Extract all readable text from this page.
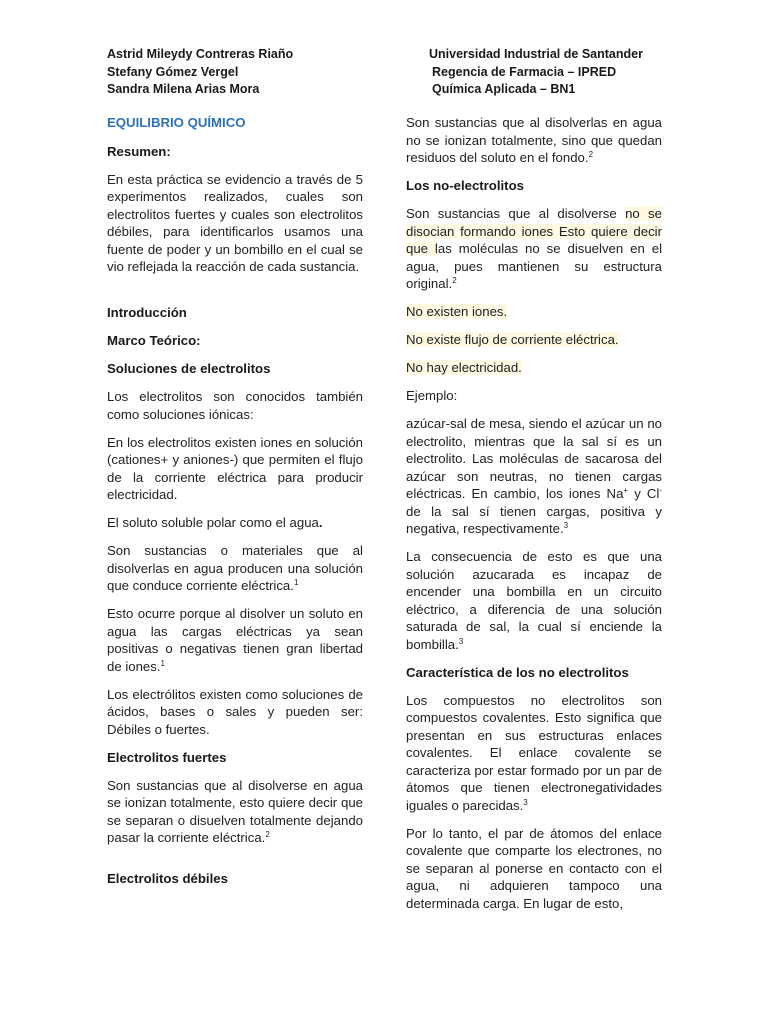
Astrid Mileydy Contreras Riaño
Stefany Gómez Vergel
Sandra Milena Arias Mora
Universidad Industrial de Santander
Regencia de Farmacia – IPRED
Química Aplicada – BN1
EQUILIBRIO QUÍMICO
Resumen:

En esta práctica se evidencio a través de 5 experimentos realizados, cuales son electrolitos fuertes y cuales son electrolitos débiles, para identificarlos usamos una fuente de poder y un bombillo en el cual se vio reflejada la reacción de cada sustancia.

Introducción
Marco Teórico:
Soluciones de electrolitos

Los electrolitos son conocidos también como soluciones iónicas:

En los electrolitos existen iones en solución (cationes+ y aniones-) que permiten el flujo de la corriente eléctrica para producir electricidad.

El soluto soluble polar como el agua.

Son sustancias o materiales que al disolverlas en agua producen una solución que conduce corriente eléctrica.$^1$

Esto ocurre porque al disolver un soluto en agua las cargas eléctricas ya sean positivas o negativas tienen gran libertad de iones.$^1$

Los electrólitos existen como soluciones de ácidos, bases o sales y pueden ser: Débiles o fuertes.

Electrolitos fuertes

Son sustancias que al disolverse en agua se ionizan totalmente, esto quiere decir que se separan o disuelven totalmente dejando pasar la corriente eléctrica.$^2$

Electrolitos débiles

Son sustancias que al disolverlas en agua no se ionizan totalmente, sino que quedan residuos del soluto en el fondo.$^2$

Los no-electrolitos

Son sustancias que al disolverse no se disocian formando iones Esto quiere decir que las moléculas no se disuelven en el agua, pues mantienen su estructura original.$^2$

No existen iones.

No existe flujo de corriente eléctrica.

No hay electricidad.

Ejemplo:

azúcar-sal de mesa, siendo el azúcar un no electrolito, mientras que la sal sí es un electrolito. Las moléculas de sacarosa del azúcar son neutras, no tienen cargas eléctricas. En cambio, los iones Na+ y Cl- de la sal sí tienen cargas, positiva y negativa, respectivamente.$^3$

La consecuencia de esto es que una solución azucarada es incapaz de encender una bombilla en un circuito eléctrico, a diferencia de una solución saturada de sal, la cual sí enciende la bombilla.$^3$

Característica de los no electrolitos

Los compuestos no electrolitos son compuestos covalentes. Esto significa que presentan en sus estructuras enlaces covalentes. El enlace covalente se caracteriza por estar formado por un par de átomos que tienen electronegatividades iguales o parecidas.$^3$

Por lo tanto, el par de átomos del enlace covalente que comparte los electrones, no se separan al ponerse en contacto con el agua, ni adquieren tampoco una determinada carga. En lugar de esto,
